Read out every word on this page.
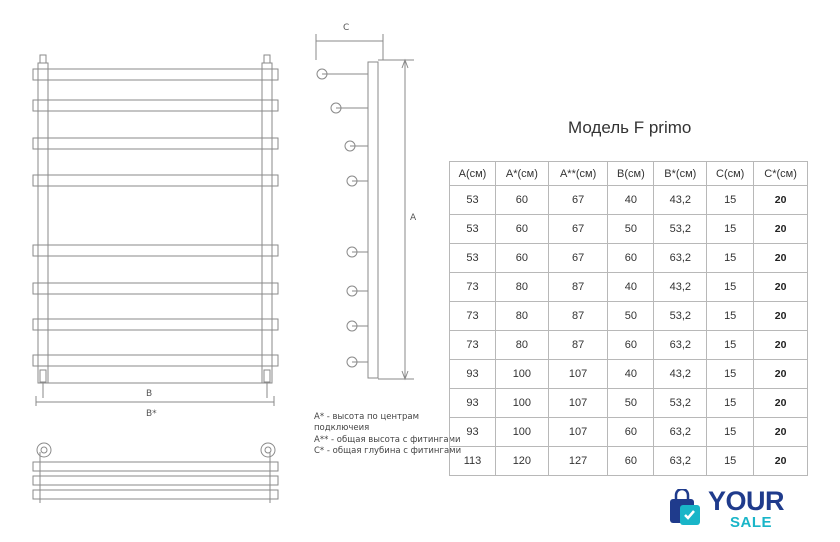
C
A
B
B*	A* - высота по центрам подключеия
A** - общая высота с фитингами
C* - общая глубина с фитингами
Модель F primo
A(см)	A*(см)	A**(см)	B(см)	B*(см)	C(см)	C*(см)
53	60	67	40	43,2	15	20
53	60	67	50	53,2	15	20
53	60	67	60	63,2	15	20
73	80	87	40	43,2	15	20
73	80	87	50	53,2	15	20
73	80	87	60	63,2	15	20
93	100	107	40	43,2	15	20
93	100	107	50	53,2	15	20
93	100	107	60	63,2	15	20
113	120	127	60	63,2	15	20
YOUR
SALE
